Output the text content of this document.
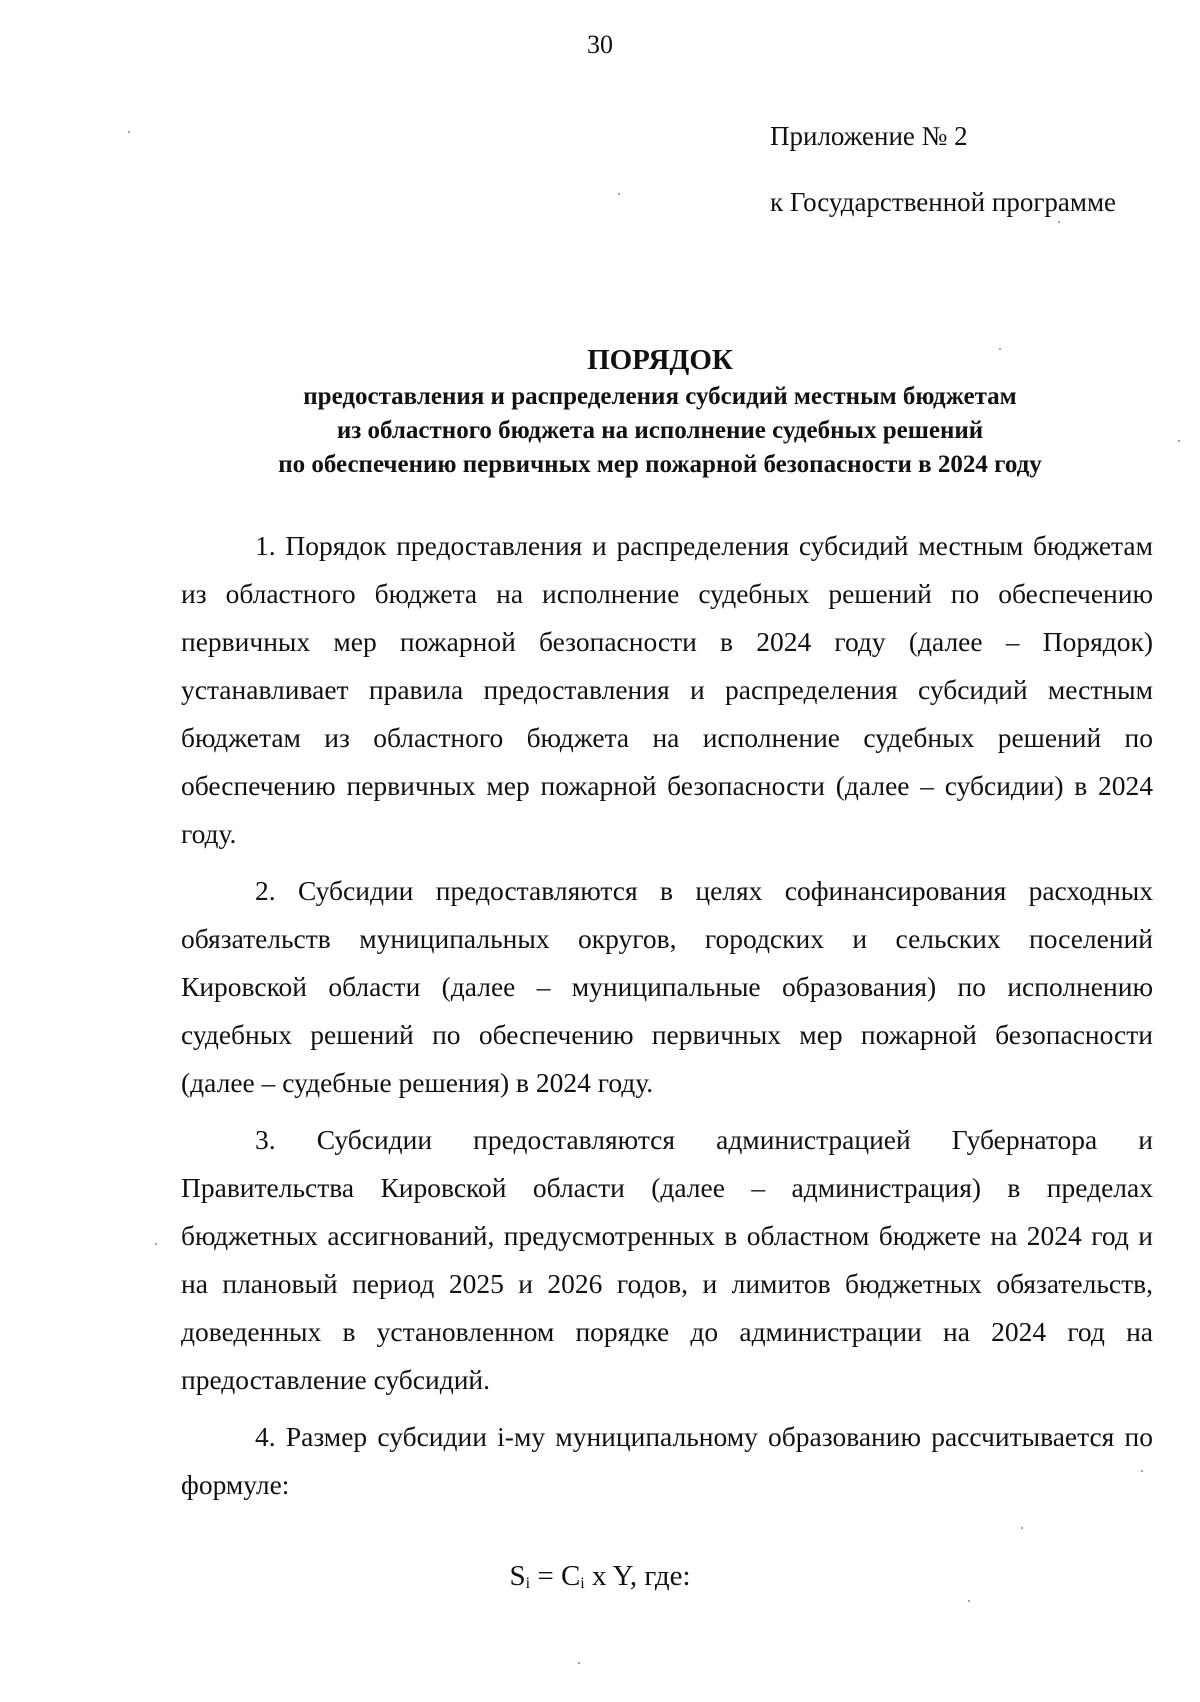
30
Приложение № 2
к Государственной программе
ПОРЯДОК
предоставления и распределения субсидий местным бюджетам
из областного бюджета на исполнение судебных решений
по обеспечению первичных мер пожарной безопасности в 2024 году

1. Порядок предоставления и распределения субсидий местным бюджетам из областного бюджета на исполнение судебных решений по обеспечению первичных мер пожарной безопасности в 2024 году (далее – Порядок) устанавливает правила предоставления и распределения субсидий местным бюджетам из областного бюджета на исполнение судебных решений по обеспечению первичных мер пожарной безопасности (далее – субсидии) в 2024 году.

2. Субсидии предоставляются в целях софинансирования расходных обязательств муниципальных округов, городских и сельских поселений Кировской области (далее – муниципальные образования) по исполнению судебных решений по обеспечению первичных мер пожарной безопасности (далее – судебные решения) в 2024 году.

3. Субсидии предоставляются администрацией Губернатора и Правительства Кировской области (далее – администрация) в пределах бюджетных ассигнований, предусмотренных в областном бюджете на 2024 год и на плановый период 2025 и 2026 годов, и лимитов бюджетных обязательств, доведенных в установленном порядке до администрации на 2024 год на предоставление субсидий.

4. Размер субсидии i-му муниципальному образованию рассчитывается по формуле:

$S_i = C_i$ x Y, где:
